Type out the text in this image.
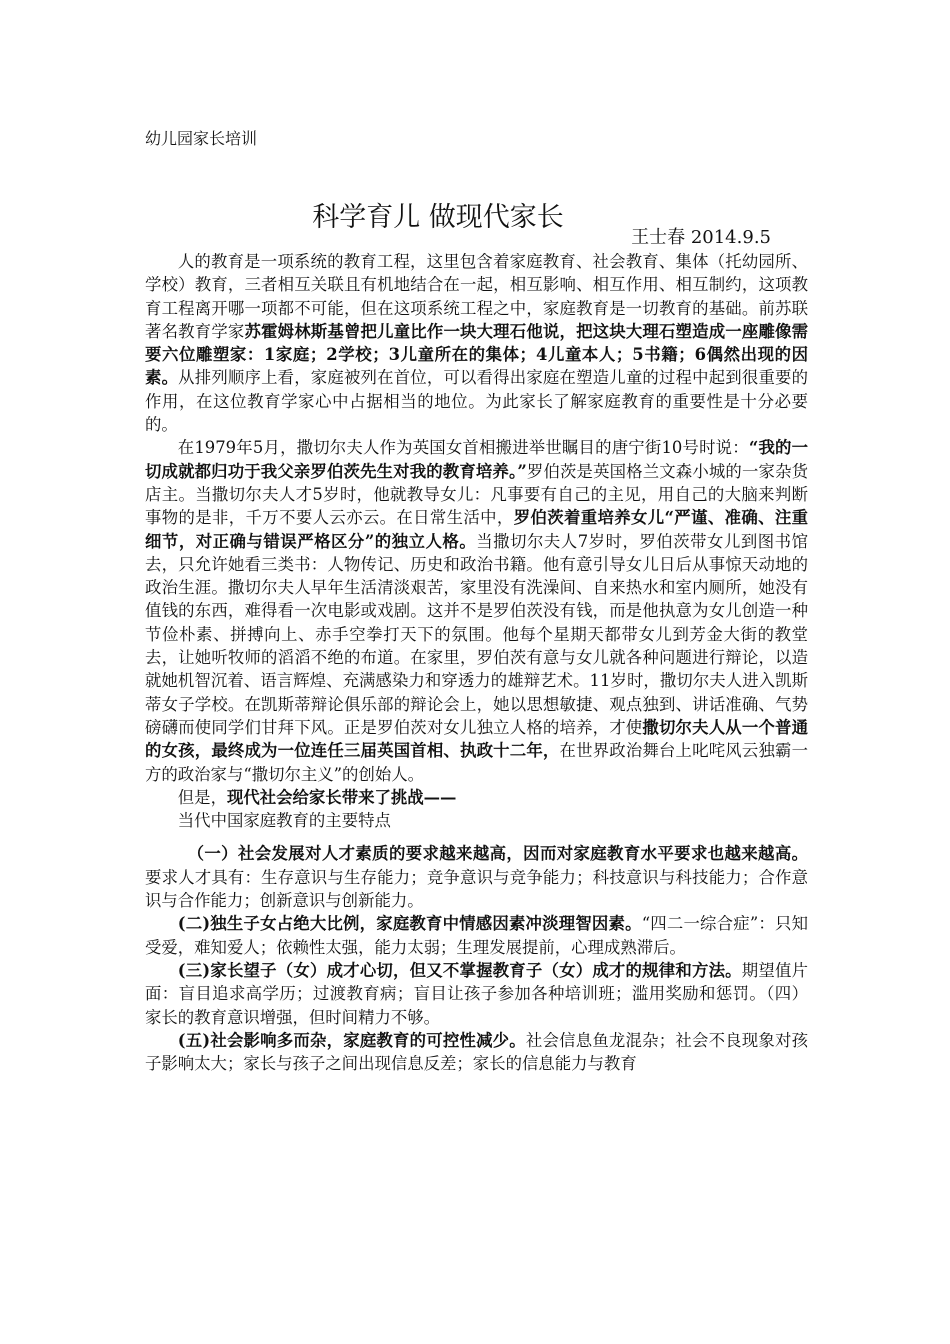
幼儿园家长培训
科学育儿 做现代家长
王士春 2014.9.5

人的教育是一项系统的教育工程，这里包含着家庭教育、社会教育、集体（托幼园所、学校）教育，三者相互关联且有机地结合在一起，相互影响、相互作用、相互制约，这项教育工程离开哪一项都不可能，但在这项系统工程之中，家庭教育是一切教育的基础。前苏联著名教育学家苏霍姆林斯基曾把儿童比作一块大理石他说，把这块大理石塑造成一座雕像需要六位雕塑家：1家庭；2学校；3儿童所在的集体；4儿童本人；5书籍；6偶然出现的因素。从排列顺序上看，家庭被列在首位，可以看得出家庭在塑造儿童的过程中起到很重要的作用，在这位教育学家心中占据相当的地位。为此家长了解家庭教育的重要性是十分必要的。

在1979年5月，撒切尔夫人作为英国女首相搬进举世瞩目的唐宁街10号时说：“我的一切成就都归功于我父亲罗伯茨先生对我的教育培养。”罗伯茨是英国格兰文森小城的一家杂货店主。当撒切尔夫人才5岁时，他就教导女儿：凡事要有自己的主见，用自己的大脑来判断事物的是非，千万不要人云亦云。在日常生活中，罗伯茨着重培养女儿“严谨、准确、注重细节，对正确与错误严格区分”的独立人格。当撒切尔夫人7岁时，罗伯茨带女儿到图书馆去，只允许她看三类书：人物传记、历史和政治书籍。他有意引导女儿日后从事惊天动地的政治生涯。撒切尔夫人早年生活清淡艰苦，家里没有洗澡间、自来热水和室内厕所，她没有值钱的东西，难得看一次电影或戏剧。这并不是罗伯茨没有钱，而是他执意为女儿创造一种节俭朴素、拼搏向上、赤手空拳打天下的氛围。他每个星期天都带女儿到芳金大街的教堂去，让她听牧师的滔滔不绝的布道。在家里，罗伯茨有意与女儿就各种问题进行辩论，以造就她机智沉着、语言辉煌、充满感染力和穿透力的雄辩艺术。11岁时，撒切尔夫人进入凯斯蒂女子学校。在凯斯蒂辩论俱乐部的辩论会上，她以思想敏捷、观点独到、讲话准确、气势磅礴而使同学们甘拜下风。正是罗伯茨对女儿独立人格的培养，才使撒切尔夫人从一个普通的女孩，最终成为一位连任三届英国首相、执政十二年，在世界政治舞台上叱咤风云独霸一方的政治家与“撒切尔主义”的创始人。

但是，现代社会给家长带来了挑战——

当代中国家庭教育的主要特点

（一）社会发展对人才素质的要求越来越高，因而对家庭教育水平要求也越来越高。要求人才具有：生存意识与生存能力；竞争意识与竞争能力；科技意识与科技能力；合作意识与合作能力；创新意识与创新能力。

(二)独生子女占绝大比例，家庭教育中情感因素冲淡理智因素。“四二一综合症”：只知受爱，难知爱人；依赖性太强，能力太弱；生理发展提前，心理成熟滞后。

(三)家长望子（女）成才心切，但又不掌握教育子（女）成才的规律和方法。期望值片面：盲目追求高学历；过渡教育病；盲目让孩子参加各种培训班；滥用奖励和惩罚。（四）家长的教育意识增强，但时间精力不够。

(五)社会影响多而杂，家庭教育的可控性减少。社会信息鱼龙混杂；社会不良现象对孩子影响太大；家长与孩子之间出现信息反差；家长的信息能力与教育
